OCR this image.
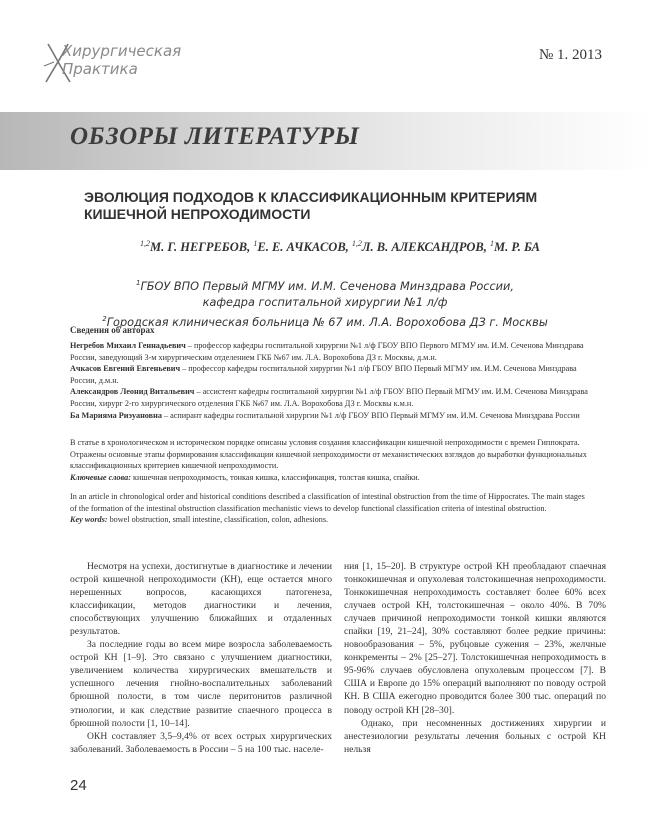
Хирургическая
Практика
№ 1. 2013
ОБЗОРЫ ЛИТЕРАТУРЫ
ЭВОЛЮЦИЯ ПОДХОДОВ К КЛАССИФИКАЦИОННЫМ КРИТЕРИЯМ
КИШЕЧНОЙ НЕПРОХОДИМОСТИ
$^{1,2}$М. Г. НЕГРЕБОВ, $^1$Е. Е. АЧКАСОВ, $^{1,2}$Л. В. АЛЕКСАНДРОВ, $^1$М. Р. БА
$^1$ГБОУ ВПО Первый МГМУ им. И.М. Сеченова Минздрава России,
кафедра госпитальной хирургии №1 л/ф
$^2$Городская клиническая больница № 67 им. Л.А. Ворохобова ДЗ г. Москвы
Сведения об авторах

Негребов Михаил Геннадьевич – профессор кафедры госпитальной хирургии №1 л/ф ГБОУ ВПО Первого МГМУ им. И.М. Сеченова Минздрава России, заведующий 3-м хирургическим отделением ГКБ №67 им. Л.А. Ворохобова ДЗ г. Москвы, д.м.н.

Ачкасов Евгений Евгеньевич – профессор кафедры госпитальной хирургии №1 л/ф ГБОУ ВПО Первый МГМУ им. И.М. Сеченова Минздрава России, д.м.н.

Александров Леонид Витальевич – ассистент кафедры госпитальной хирургии №1 л/ф ГБОУ ВПО Первый МГМУ им. И.М. Сеченова Минздрава России, хирург 2-го хирургического отделения ГКБ №67 им. Л.А. Ворохобова ДЗ г. Москвы к.м.н.

Ба Марияма Риэуановна – аспирант кафедры госпитальной хирургии №1 л/ф ГБОУ ВПО Первый МГМУ им. И.М. Сеченова Минздрава России

В статье в хронологическом и историческом порядке описаны условия создания классификации кишечной непроходимости с времен Гиппократа. Отражены основные этапы формирования классификации кишечной непроходимости от механистических взглядов до выработки функциональных классификационных критериев кишечной непроходимости.

Ключевые слова: кишечная непроходимость, тонкая кишка, классификация, толстая кишка, спайки.

In an article in chronological order and historical conditions described a classification of intestinal obstruction from the time of Hippocrates. The main stages of the formation of the intestinal obstruction classification mechanistic views to develop functional classification criteria of intestinal obstruction.

Key words: bowel obstruction, small intestine, classification, colon, adhesions.

Несмотря на успехи, достигнутые в диагностике и лечении острой кишечной непроходимости (КН), еще остается много нерешенных вопросов, касающихся патогенеза, классификации, методов диагностики и лечения, способствующих улучшению ближайших и отдаленных результатов.

За последние годы во всем мире возросла заболеваемость острой КН [1–9]. Это связано с улучшением диагностики, увеличением количества хирургических вмешательств и успешного лечения гнойно-воспалительных заболеваний брюшной полости, в том числе перитонитов различной этиологии, и как следствие развитие спаечного процесса в брюшной полости [1, 10–14].

ОКН составляет 3,5–9,4% от всех острых хирургических заболеваний. Заболеваемость в России – 5 на 100 тыс. населе-

ния [1, 15–20]. В структуре острой КН преобладают спаечная тонкокишечная и опухолевая толстокишечная непроходимости. Тонкокишечная непроходимость составляет более 60% всех случаев острой КН, толстокишечная – около 40%. В 70% случаев причиной непроходимости тонкой кишки являются спайки [19, 21–24], 30% составляют более редкие причины: новообразования – 5%, рубцовые сужения – 23%, желчные конкременты – 2% [25–27]. Толстокишечная непроходимость в 95-96% случаев обусловлена опухолевым процессом [7]. В США и Европе до 15% операций выполняют по поводу острой КН. В США ежегодно проводится более 300 тыс. операций по поводу острой КН [28–30].

Однако, при несомненных достижениях хирургии и анестезиологии результаты лечения больных с острой КН нельзя

24
